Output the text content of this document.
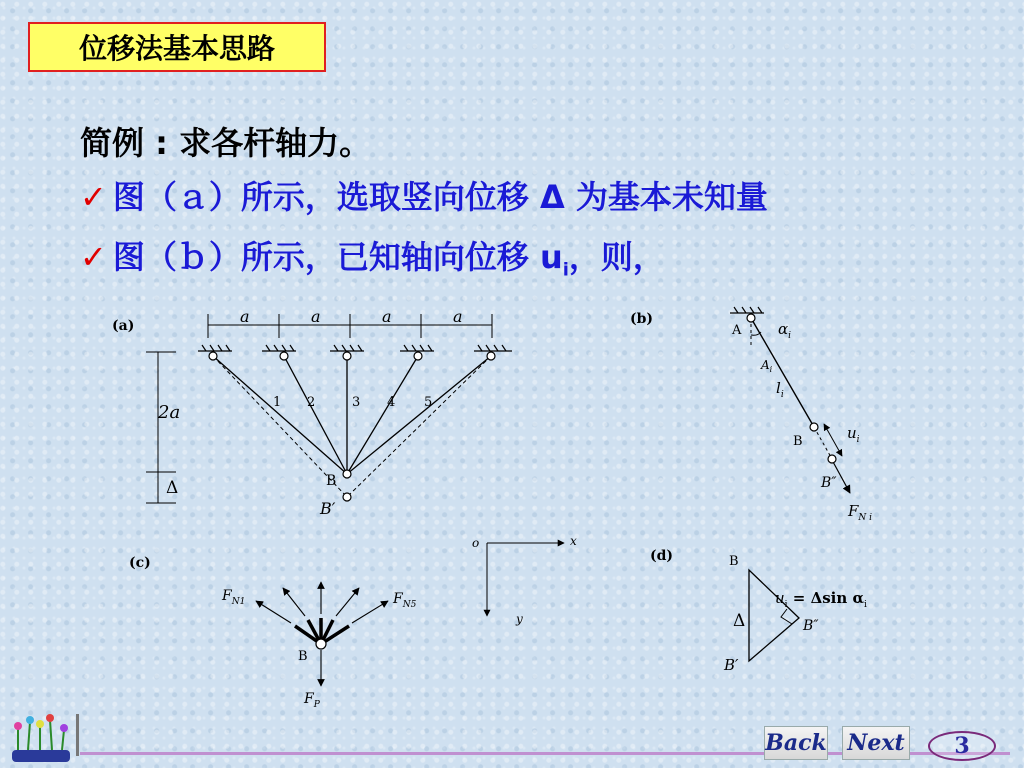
位移法基本思路
简例 : 求各杆轴力。
✓ 图（ａ）所示，选取竖向位移 Δ 为基本未知量
✓ 图（ｂ）所示，已知轴向位移 $u_i$，则，
(a)	a	a	a	a
1 2	3 4 5
B
B′
2a
Δ
(b)
A $\alpha_i$
$A_i$
$l_i$
B	$u_i$
B″
$F_{N i}$
(c)
$F_{N1}$	$F_{N5}$
B
$F_P$
o	x
y
(d)	B
$u_i = \Delta\sin$ $\alpha_i$
Δ	B″
B′
Back Next	3
